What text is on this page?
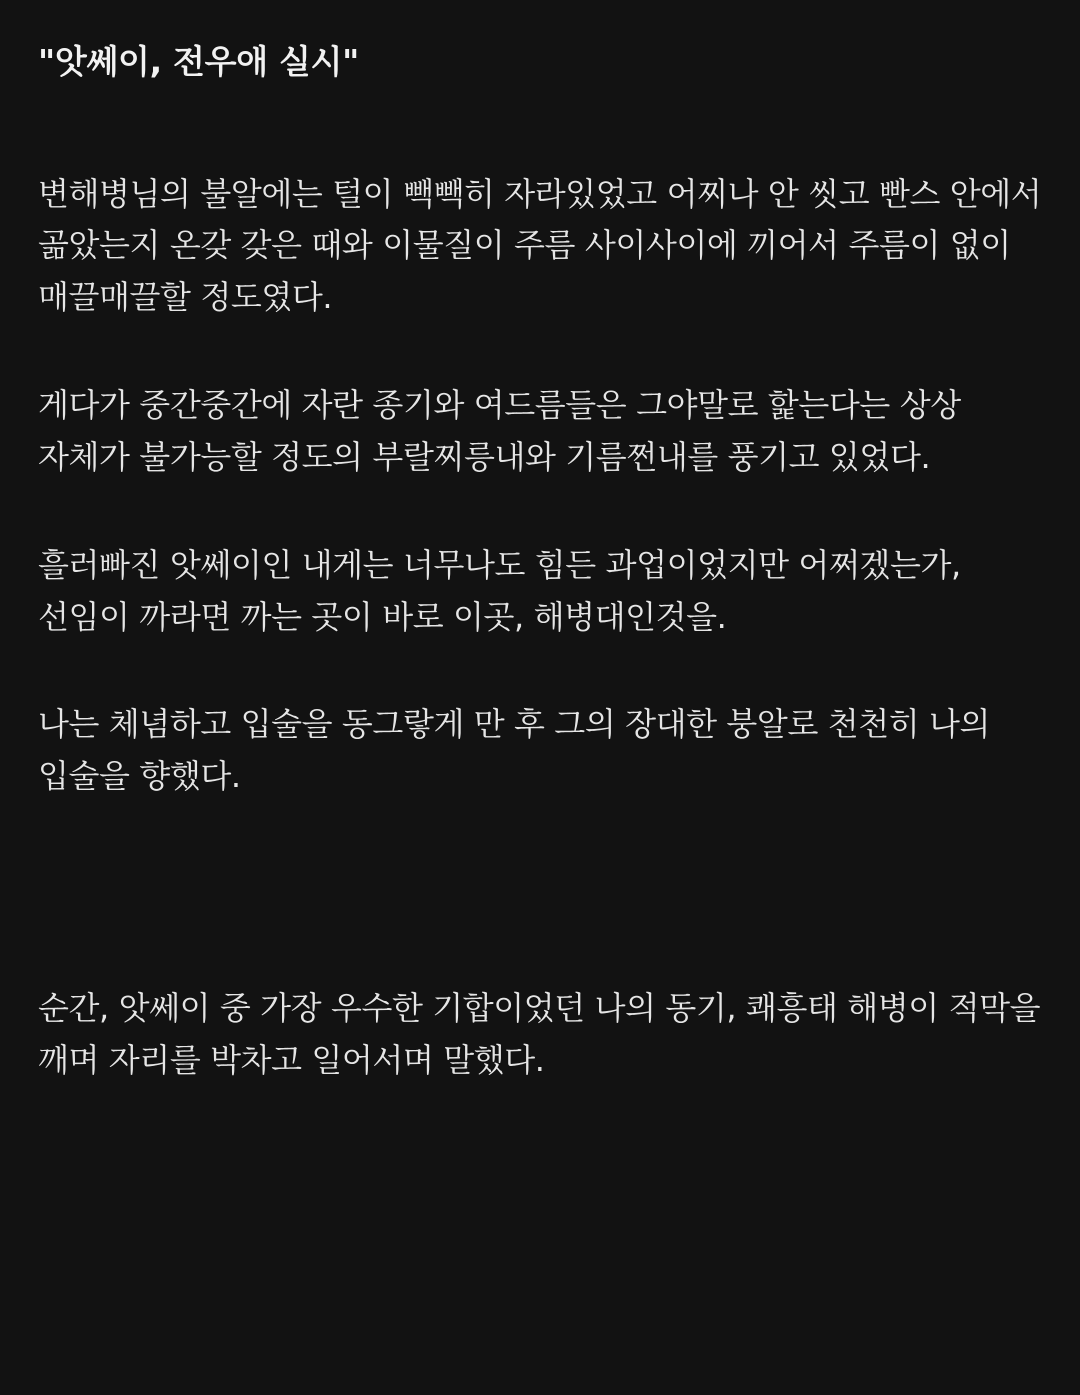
"앗쎄이, 전우애 실시"

변해병님의 불알에는 털이 빽빽히 자라있었고 어찌나 안 씻고 빤스 안에서 곪았는지 온갖 갖은 때와 이물질이 주름 사이사이에 끼어서 주름이 없이 매끌매끌할 정도였다.

게다가 중간중간에 자란 종기와 여드름들은 그야말로 핥는다는 상상 자체가 불가능할 정도의 부랄찌릉내와 기름쩐내를 풍기고 있었다.

흘러빠진 앗쎄이인 내게는 너무나도 힘든 과업이었지만 어쩌겠는가, 선임이 까라면 까는 곳이 바로 이곳, 해병대인것을.

나는 체념하고 입술을 동그랗게 만 후 그의 장대한 붕알로 천천히 나의 입술을 향했다.

순간, 앗쎄이 중 가장 우수한 기합이었던 나의 동기, 쾌흥태 해병이 적막을 깨며 자리를 박차고 일어서며 말했다.
